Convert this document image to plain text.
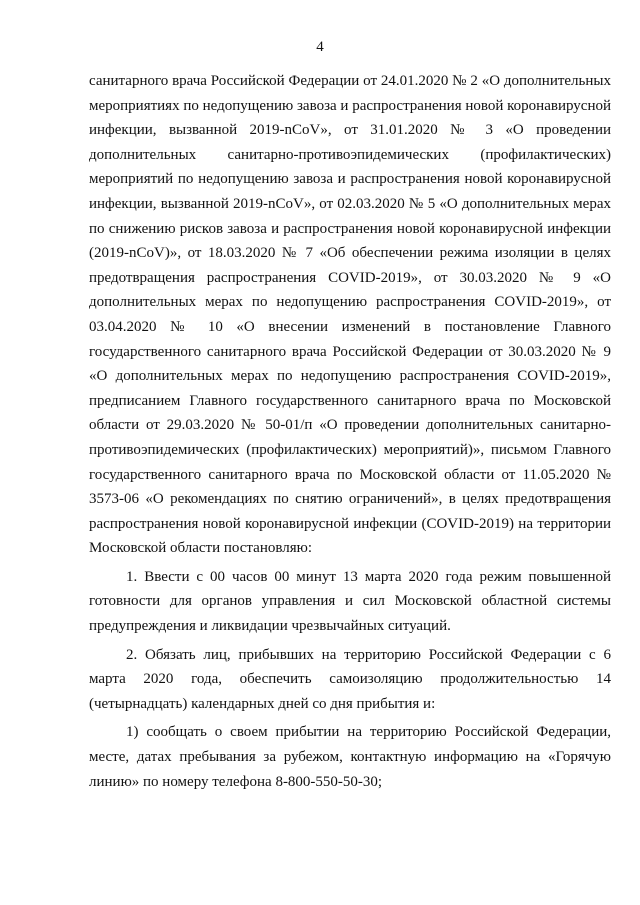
4

санитарного врача Российской Федерации от 24.01.2020 № 2 «О дополнительных мероприятиях по недопущению завоза и распространения новой коронавирусной инфекции, вызванной 2019-nCoV», от 31.01.2020 № 3 «О проведении дополнительных санитарно-противоэпидемических (профилактических) мероприятий по недопущению завоза и распространения новой коронавирусной инфекции, вызванной 2019-nCoV», от 02.03.2020 № 5 «О дополнительных мерах по снижению рисков завоза и распространения новой коронавирусной инфекции (2019-nCoV)», от 18.03.2020 № 7 «Об обеспечении режима изоляции в целях предотвращения распространения COVID-2019», от 30.03.2020 № 9 «О дополнительных мерах по недопущению распространения COVID-2019», от 03.04.2020 № 10 «О внесении изменений в постановление Главного государственного санитарного врача Российской Федерации от 30.03.2020 № 9 «О дополнительных мерах по недопущению распространения COVID-2019», предписанием Главного государственного санитарного врача по Московской области от 29.03.2020 № 50-01/п «О проведении дополнительных санитарно-противоэпидемических (профилактических) мероприятий)», письмом Главного государственного санитарного врача по Московской области от 11.05.2020 № 3573-06 «О рекомендациях по снятию ограничений», в целях предотвращения распространения новой коронавирусной инфекции (COVID-2019) на территории Московской области постановляю:

1. Ввести с 00 часов 00 минут 13 марта 2020 года режим повышенной готовности для органов управления и сил Московской областной системы предупреждения и ликвидации чрезвычайных ситуаций.

2. Обязать лиц, прибывших на территорию Российской Федерации с 6 марта 2020 года, обеспечить самоизоляцию продолжительностью 14 (четырнадцать) календарных дней со дня прибытия и:

1) сообщать о своем прибытии на территорию Российской Федерации, месте, датах пребывания за рубежом, контактную информацию на «Горячую линию» по номеру телефона 8-800-550-50-30;
